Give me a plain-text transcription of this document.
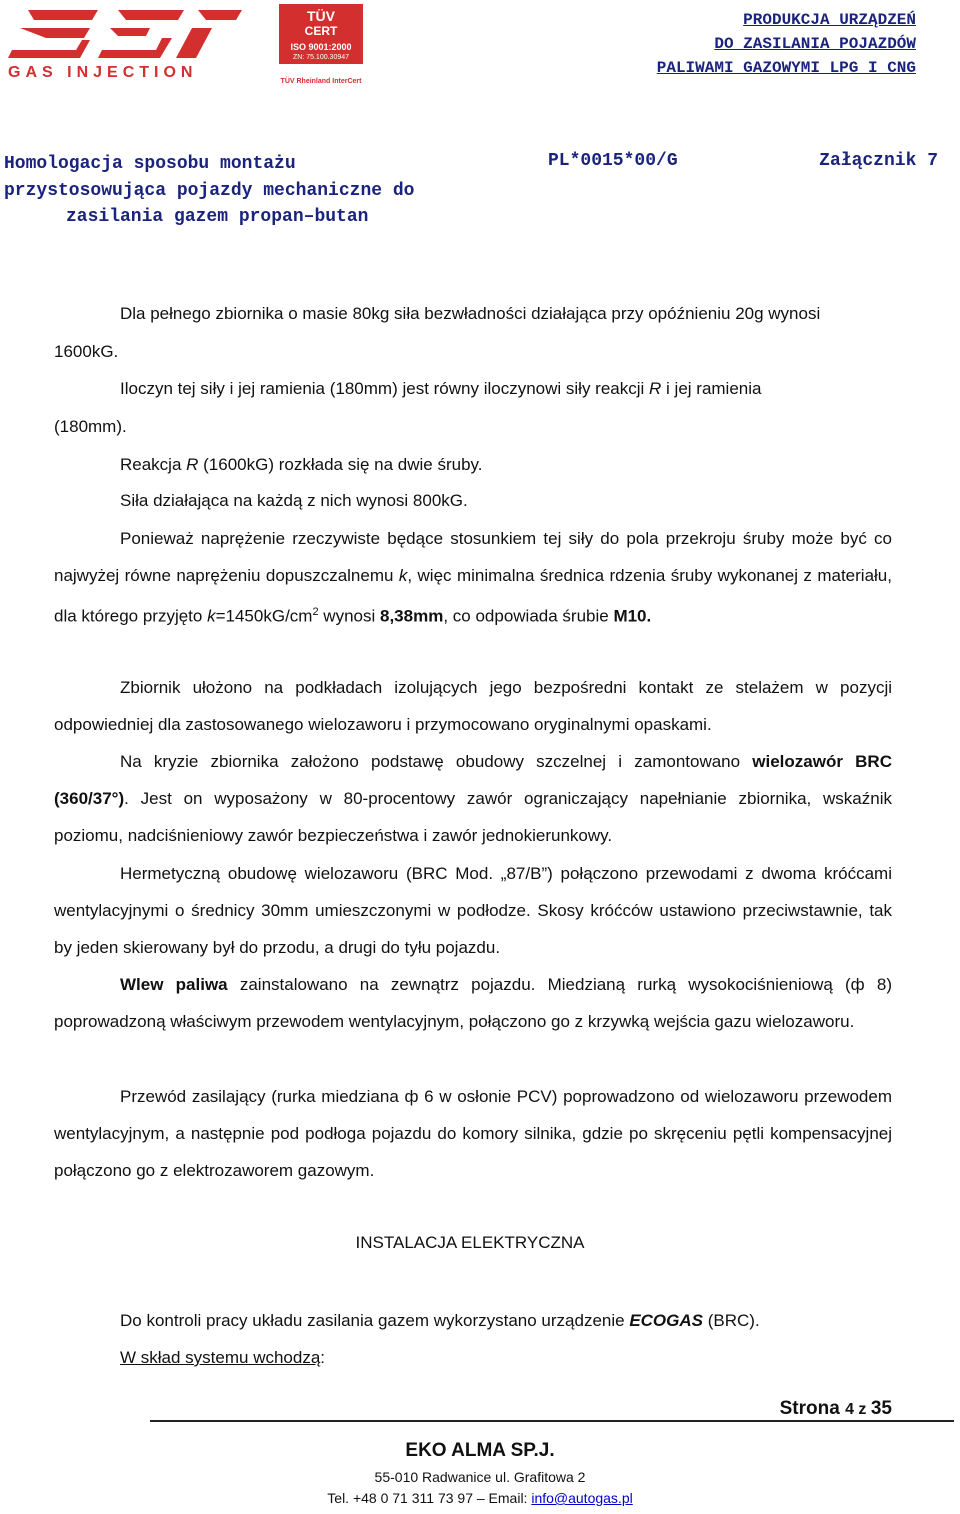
GAS INJECTION
TÜV
CERT
ISO 9001:2000
ZN: 75.100.30947
TÜV Rheinland InterCert
PRODUKCJA URZĄDZEŃ
DO ZASILANIA POJAZDÓW
PALIWAMI GAZOWYMI LPG I CNG
Homologacja sposobu montażu
przystosowująca pojazdy mechaniczne do
zasilania gazem propan–butan
PL*0015*00/G	Załącznik 7

Dla pełnego zbiornika o masie 80kg siła bezwładności działająca przy opóźnieniu 20g wynosi

1600kG.

Iloczyn tej siły i jej ramienia (180mm) jest równy iloczynowi siły reakcji R i jej ramienia

(180mm).

Reakcja R (1600kG) rozkłada się na dwie śruby.

Siła działająca na każdą z nich wynosi 800kG.

Ponieważ naprężenie rzeczywiste będące stosunkiem tej siły do pola przekroju śruby może być co najwyżej równe naprężeniu dopuszczalnemu k, więc minimalna średnica rdzenia śruby wykonanej z materiału, dla którego przyjęto $k=1450kG/cm^2$ wynosi 8,38mm, co odpowiada śrubie M10.

Zbiornik ułożono na podkładach izolujących jego bezpośredni kontakt ze stelażem w pozycji odpowiedniej dla zastosowanego wielozaworu i przymocowano oryginalnymi opaskami.

Na kryzie zbiornika założono podstawę obudowy szczelnej i zamontowano wielozawór BRC (360/37°). Jest on wyposażony w 80-procentowy zawór ograniczający napełnianie zbiornika, wskaźnik poziomu, nadciśnieniowy zawór bezpieczeństwa i zawór jednokierunkowy.

Hermetyczną obudowę wielozaworu (BRC Mod. „87/B”) połączono przewodami z dwoma króćcami wentylacyjnymi o średnicy 30mm umieszczonymi w podłodze. Skosy króćców ustawiono przeciwstawnie, tak by jeden skierowany był do przodu, a drugi do tyłu pojazdu.

Wlew paliwa zainstalowano na zewnątrz pojazdu. Miedzianą rurką wysokociśnieniową (ф 8) poprowadzoną właściwym przewodem wentylacyjnym, połączono go z krzywką wejścia gazu wielozaworu.

Przewód zasilający (rurka miedziana ф 6 w osłonie PCV) poprowadzono od wielozaworu przewodem wentylacyjnym, a następnie pod podłoga pojazdu do komory silnika, gdzie po skręceniu pętli kompensacyjnej połączono go z elektrozaworem gazowym.

INSTALACJA ELEKTRYCZNA

Do kontroli pracy układu zasilania gazem wykorzystano urządzenie ECOGAS (BRC).

W skład systemu wchodzą:

Strona 4 z 35
EKO ALMA SP.J.
55-010 Radwanice ul. Grafitowa 2
Tel. +48 0 71 311 73 97 – Email: info@autogas.pl
